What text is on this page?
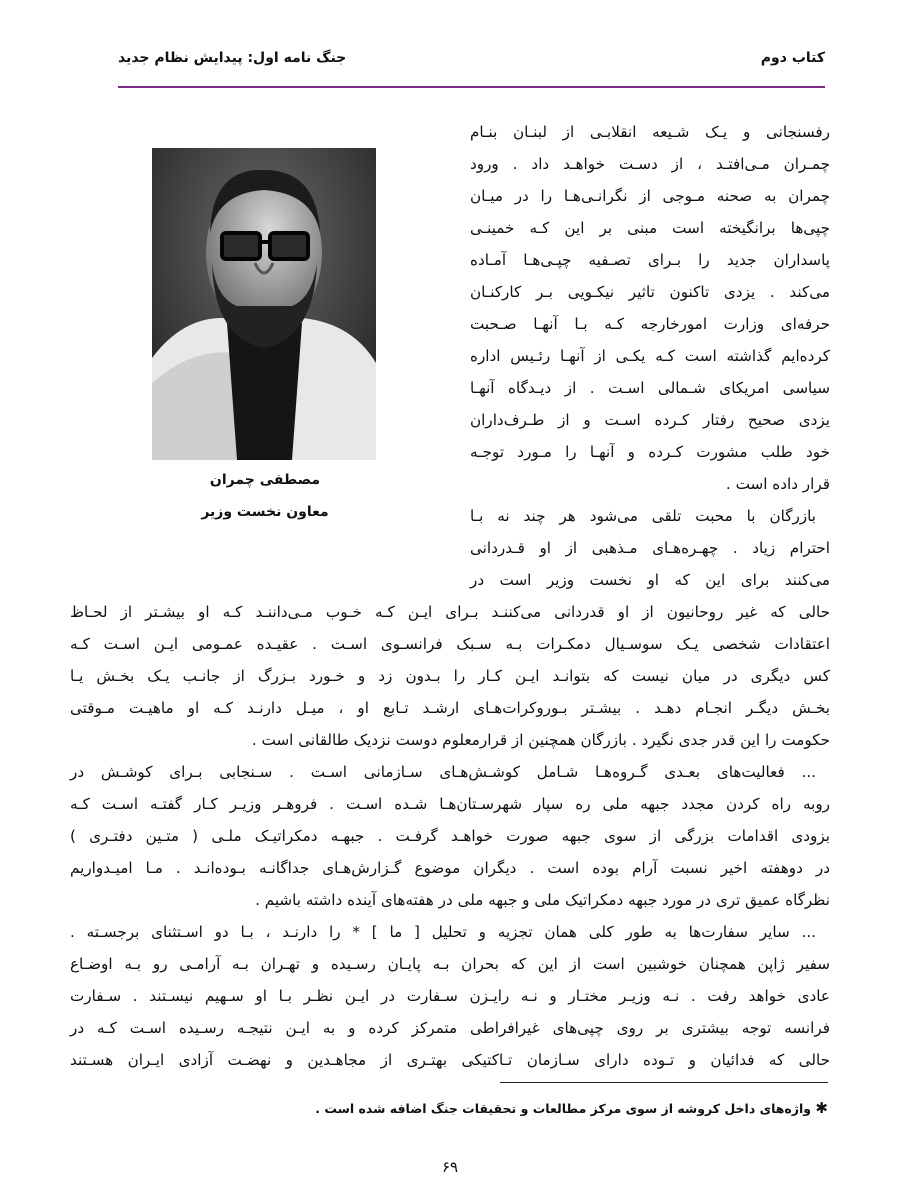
کتاب دوم
جنگ نامه اول: پیدایش نظام جدید
مصطفی چمران
معاون نخست وزیر
رفسنجانی و یـک شـیعه انقلابـی از لبنـان بنـام
چمـران مـی‌افتـد ، از دسـت خواهـد داد . ورود
چمران به صحنه مـوجی از نگرانـی‌هـا را در میـان
چپی‌ها برانگیخته است مبنی بر این کـه خمینـی
پاسداران جدید را بـرای تصـفیه چپـی‌هـا آمـاده
می‌کند . یزدی تاکنون تاثیر نیکـویی بـر کارکنـان
حرفه‌ای وزارت امورخارجه کـه بـا آنهـا صـحبت
کرده‌ایم گذاشته است کـه یکـی از آنهـا رئـیس اداره
سیاسی امریکای شـمالی اسـت . از دیـدگاه آنهـا
یزدی صحیح رفتار کـرده اسـت و از طـرف‌داران
خود طلب مشورت کـرده و آنهـا را مـورد توجـه
قرار داده است .
بازرگان با محبت تلقی می‌شود هر چند نه بـا
احترام زیاد . چهـره‌هـای مـذهبی از او قـدردانی
می‌کنند برای این که او نخست وزیر است در
حالی که غیر روحانیون از او قدردانی می‌کننـد بـرای ایـن کـه خـوب مـی‌داننـد کـه او بیشـتر از لحـاظ
اعتقادات شخصی یـک سوسـیال دمکـرات بـه سـبک فرانسـوی اسـت . عقیـده عمـومی ایـن اسـت کـه
کس دیگری در میان نیست که بتوانـد ایـن کـار را بـدون زد و خـورد بـزرگ از جانـب یـک بخـش یـا
بخـش دیگـر انجـام دهـد . بیشـتر بـوروکرات‌هـای ارشـد تـابع او ، میـل دارنـد کـه او ماهیـت مـوقتی
حکومت را این قدر جدی نگیرد . بازرگان همچنین از قرارمعلوم دوست نزدیک طالقانی است .
... فعالیت‌های بعـدی گـروه‌هـا شـامل کوشـش‌هـای سـازمانی اسـت . سـنجابی بـرای کوشـش در
روبه راه کردن مجدد جبهه ملی ره سپار شهرسـتان‌هـا شـده اسـت . فروهـر وزیـر کـار گفتـه اسـت کـه
بزودی اقدامات بزرگی از سوی جبهه صورت خواهـد گرفـت . جبهـه دمکراتیـک ملـی ( متـین دفتـری )
در دوهفته اخیر نسبت آرام بوده است . دیگران موضوع گـزارش‌هـای جداگانـه بـوده‌انـد . مـا امیـدواریم
نظرگاه عمیق تری در مورد جبهه دمکراتیک ملی و جبهه ملی در هفته‌های آینده داشته باشیم .
... سایر سفارت‌ها به طور کلی همان تجزیه و تحلیل [ ما ] * را دارنـد ، بـا دو اسـتثنای برجسـته .
سفیر ژاپن همچنان خوشبین است از این که بحران بـه پایـان رسـیده و تهـران بـه آرامـی رو بـه اوضـاع
عادی خواهد رفت . نـه وزیـر مختـار و نـه رایـزن سـفارت در ایـن نظـر بـا او سـهیم نیسـتند . سـفارت
فرانسه توجه بیشتری بر روی چپی‌های غیرافراطی متمرکز کرده و به ایـن نتیجـه رسـیده اسـت کـه در
حالی که فدائیان و تـوده دارای سـازمان تـاکتیکی بهتـری از مجاهـدین و نهضـت آزادی ایـران هسـتند
✱ واژه‌های داخل کروشه از سوی مرکز مطالعات و تحقیقات جنگ اضافه شده است .
۶۹
